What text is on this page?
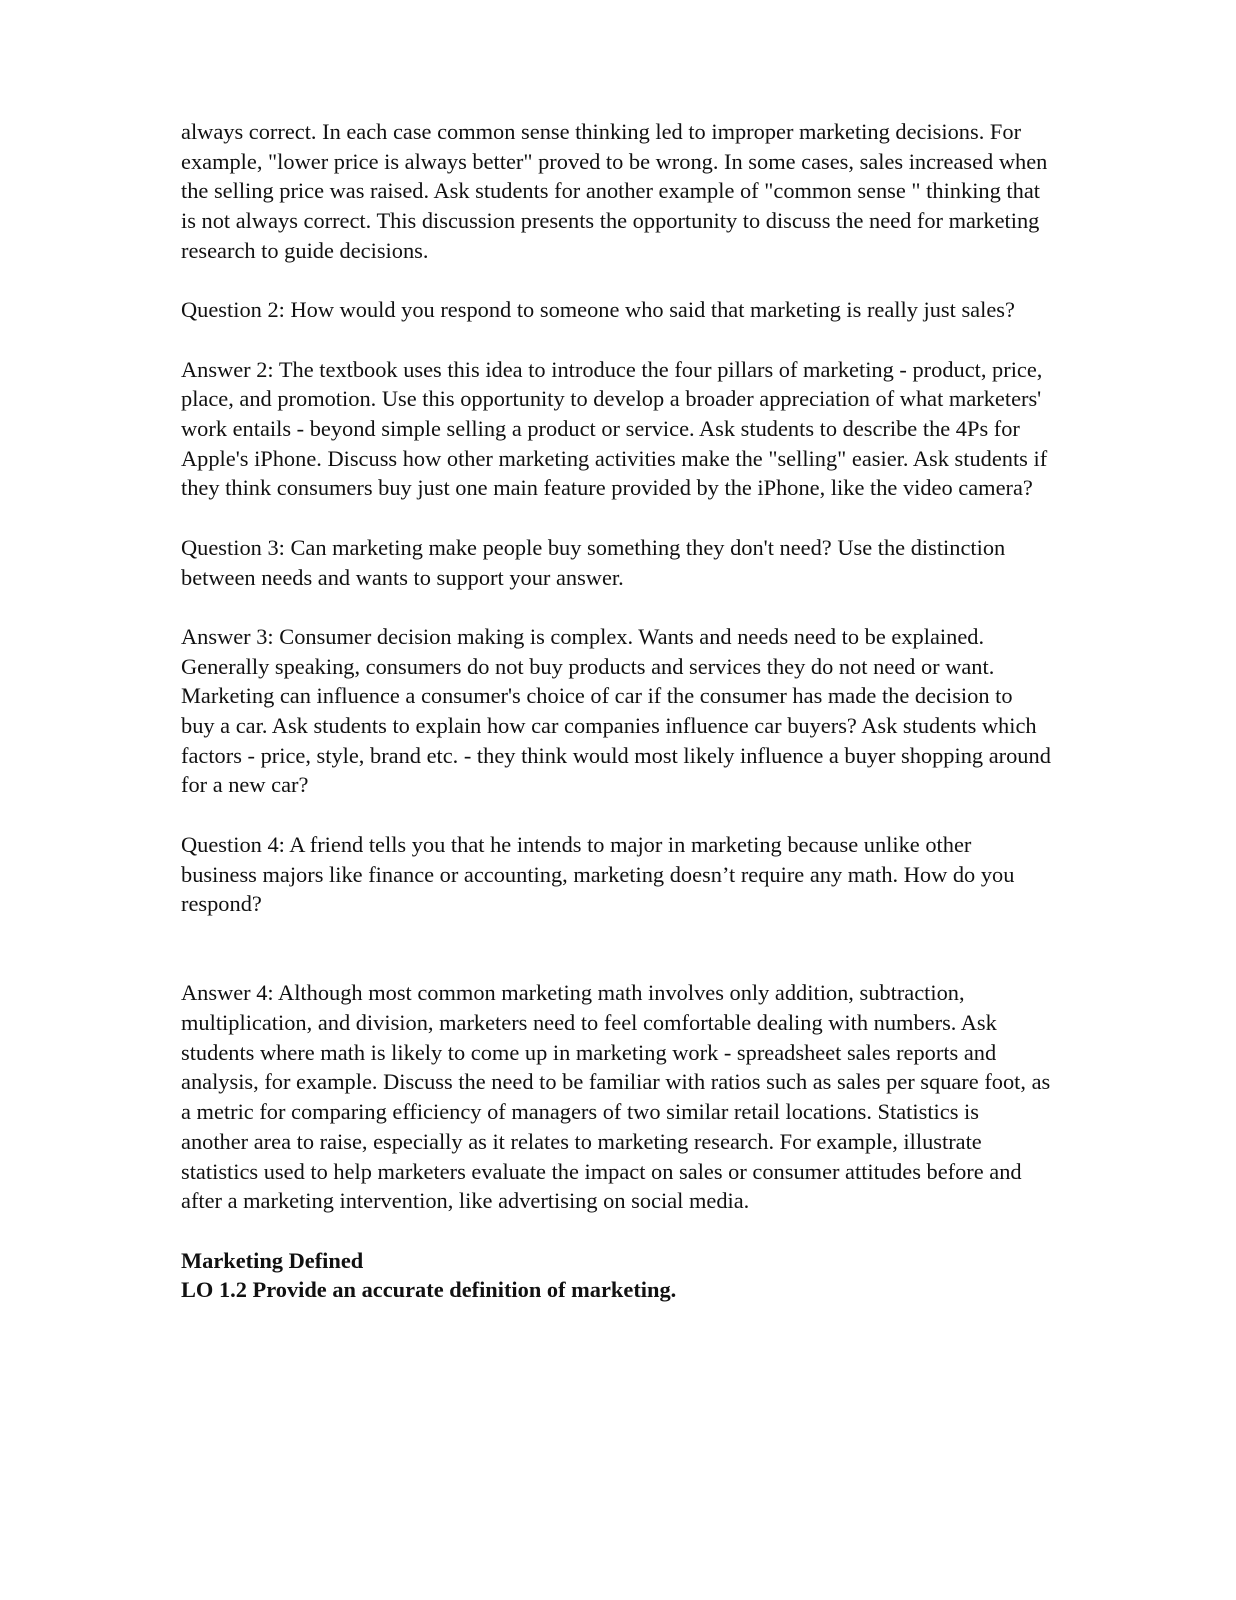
always correct. In each case common sense thinking led to improper marketing decisions. For example, "lower price is always better" proved to be wrong. In some cases, sales increased when the selling price was raised. Ask students for another example of "common sense " thinking that is not always correct. This discussion presents the opportunity to discuss the need for marketing research to guide decisions.

Question 2: How would you respond to someone who said that marketing is really just sales?

Answer 2: The textbook uses this idea to introduce the four pillars of marketing - product, price, place, and promotion. Use this opportunity to develop a broader appreciation of what marketers' work entails - beyond simple selling a product or service. Ask students to describe the 4Ps for Apple's iPhone. Discuss how other marketing activities make the "selling" easier. Ask students if they think consumers buy just one main feature provided by the iPhone, like the video camera?

Question 3: Can marketing make people buy something they don't need? Use the distinction between needs and wants to support your answer.

Answer 3: Consumer decision making is complex. Wants and needs need to be explained. Generally speaking, consumers do not buy products and services they do not need or want. Marketing can influence a consumer's choice of car if the consumer has made the decision to buy a car. Ask students to explain how car companies influence car buyers? Ask students which factors - price, style, brand etc. - they think would most likely influence a buyer shopping around for a new car?

Question 4: A friend tells you that he intends to major in marketing because unlike other business majors like finance or accounting, marketing doesn’t require any math. How do you respond?

Answer 4: Although most common marketing math involves only addition, subtraction, multiplication, and division, marketers need to feel comfortable dealing with numbers. Ask students where math is likely to come up in marketing work - spreadsheet sales reports and analysis, for example. Discuss the need to be familiar with ratios such as sales per square foot, as a metric for comparing efficiency of managers of two similar retail locations. Statistics is another area to raise, especially as it relates to marketing research. For example, illustrate statistics used to help marketers evaluate the impact on sales or consumer attitudes before and after a marketing intervention, like advertising on social media.

Marketing Defined

LO 1.2 Provide an accurate definition of marketing.
